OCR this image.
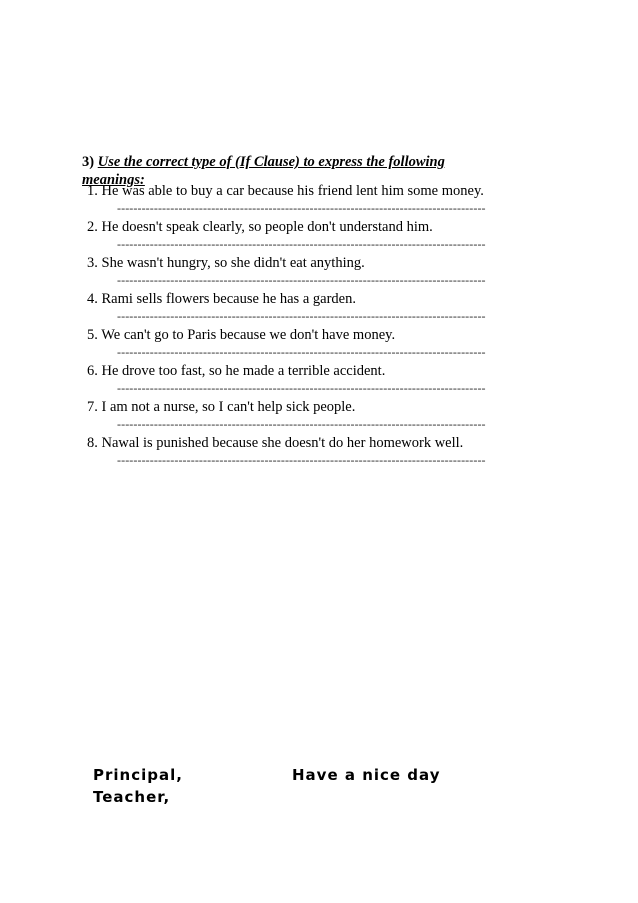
3) Use the correct type of (If Clause) to express the following
meanings:
1. He was able to buy a car because his friend lent him some money.
------------------------------------------------------------------------------------------
2. He doesn't speak clearly, so people don't understand him.
------------------------------------------------------------------------------------------
3. She wasn't hungry, so she didn't eat anything.
------------------------------------------------------------------------------------------
4. Rami sells flowers because he has a garden.
------------------------------------------------------------------------------------------
5. We can't go to Paris because we don't have money.
------------------------------------------------------------------------------------------
6. He drove too fast, so he made a terrible accident.
------------------------------------------------------------------------------------------
7. I am not a nurse, so I can't help sick people.
------------------------------------------------------------------------------------------
8. Nawal is punished because she doesn't do her homework well.
------------------------------------------------------------------------------------------
Principal,
Teacher,
Have a nice day
